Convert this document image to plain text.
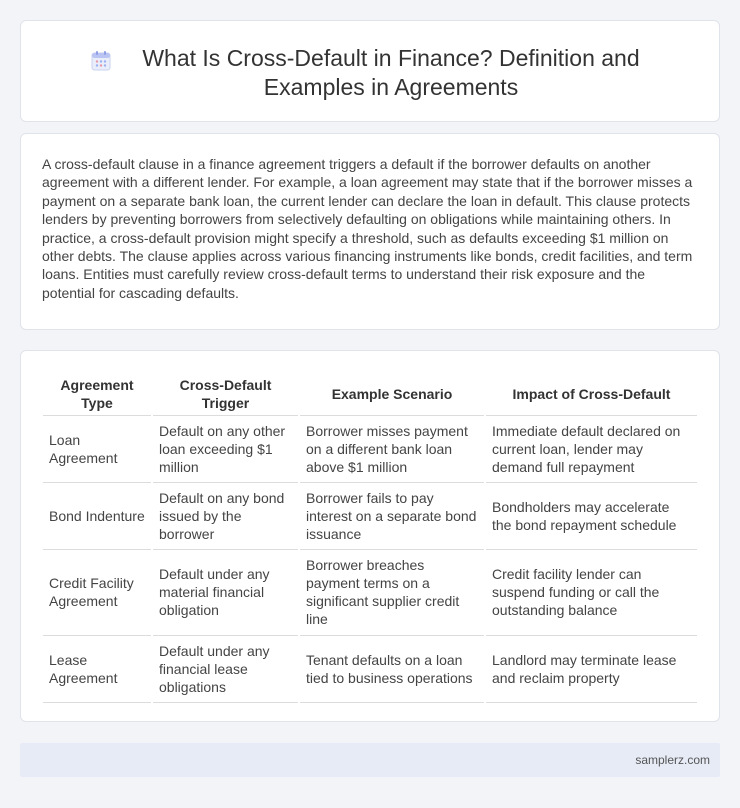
What Is Cross-Default in Finance? Definition and Examples in Agreements

A cross-default clause in a finance agreement triggers a default if the borrower defaults on another agreement with a different lender. For example, a loan agreement may state that if the borrower misses a payment on a separate bank loan, the current lender can declare the loan in default. This clause protects lenders by preventing borrowers from selectively defaulting on obligations while maintaining others. In practice, a cross-default provision might specify a threshold, such as defaults exceeding $1 million on other debts. The clause applies across various financing instruments like bonds, credit facilities, and term loans. Entities must carefully review cross-default terms to understand their risk exposure and the potential for cascading defaults.

Agreement Type	Cross-Default Trigger	Example Scenario	Impact of Cross-Default
Loan Agreement	Default on any other loan exceeding $1 million	Borrower misses payment on a different bank loan above $1 million	Immediate default declared on current loan, lender may demand full repayment
Bond Indenture	Default on any bond issued by the borrower	Borrower fails to pay interest on a separate bond issuance	Bondholders may accelerate the bond repayment schedule
Credit Facility Agreement	Default under any material financial obligation	Borrower breaches payment terms on a significant supplier credit line	Credit facility lender can suspend funding or call the outstanding balance
Lease Agreement	Default under any financial lease obligations	Tenant defaults on a loan tied to business operations	Landlord may terminate lease and reclaim property
samplerz.com
